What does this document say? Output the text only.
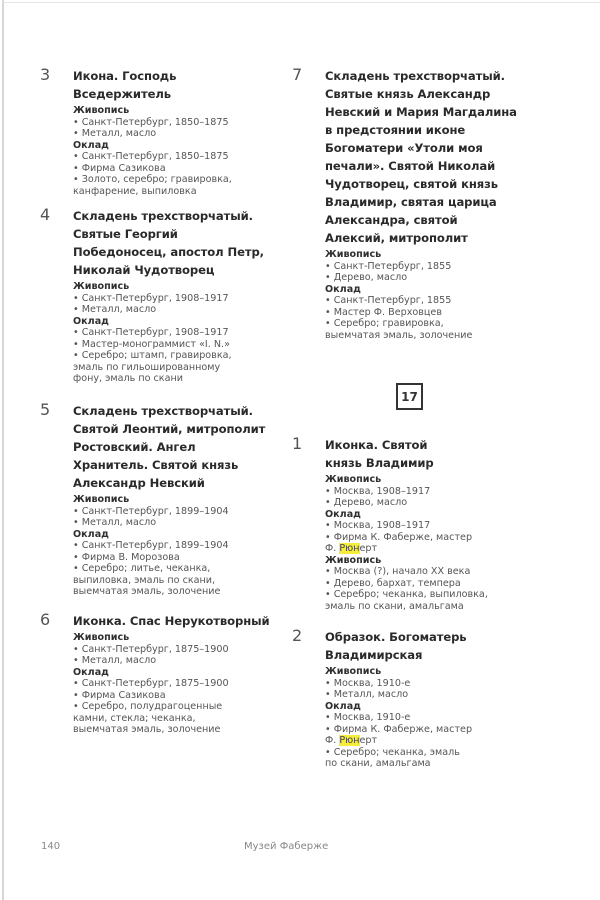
3 Икона. Господь Вседержитель
Живопись
• Санкт-Петербург, 1850–1875
• Металл, масло
Оклад
• Санкт-Петербург, 1850–1875
• Фирма Сазикова
• Золото, серебро; гравировка,
канфарение, выпиловка
4 Складень трехстворчатый.
Святые Георгий
Победоносец, апостол Петр,
Николай Чудотворец
Живопись
• Санкт-Петербург, 1908–1917
• Металл, масло
Оклад
• Санкт-Петербург, 1908–1917
• Мастер-монограммист «I. N.»
• Серебро; штамп, гравировка,
эмаль по гильошированному
фону, эмаль по скани
5 Складень трехстворчатый.
Святой Леонтий, митрополит
Ростовский. Ангел
Хранитель. Святой князь
Александр Невский
Живопись
• Санкт-Петербург, 1899–1904
• Металл, масло
Оклад
• Санкт-Петербург, 1899–1904
• Фирма В. Морозова
• Серебро; литье, чеканка,
выпиловка, эмаль по скани,
выемчатая эмаль, золочение
6 Иконка. Спас Нерукотворный
Живопись
• Санкт-Петербург, 1875–1900
• Металл, масло
Оклад
• Санкт-Петербург, 1875–1900
• Фирма Сазикова
• Серебро, полудрагоценные
камни, стекла; чеканка,
выемчатая эмаль, золочение
7 Складень трехстворчатый.
Святые князь Александр
Невский и Мария Магдалина
в предстоянии иконе
Богоматери «Утоли моя
печали». Святой Николай
Чудотворец, святой князь
Владимир, святая царица
Александра, святой
Алексий, митрополит
Живопись
• Санкт-Петербург, 1855
• Дерево, масло
Оклад
• Санкт-Петербург, 1855
• Мастер Ф. Верховцев
• Серебро; гравировка,
выемчатая эмаль, золочение
17
1 Иконка. Святой
князь Владимир
Живопись
• Москва, 1908–1917
• Дерево, масло
Оклад
• Москва, 1908–1917
• Фирма К. Фаберже, мастер
Ф. Рюнерт
Живопись
• Москва (?), начало XX века
• Дерево, бархат, темпера
• Серебро; чеканка, выпиловка,
эмаль по скани, амальгама
2 Образок. Богоматерь
Владимирская
Живопись
• Москва, 1910-е
• Металл, масло
Оклад
• Москва, 1910-е
• Фирма К. Фаберже, мастер
Ф. Рюнерт
• Серебро; чеканка, эмаль
по скани, амальгама
140	Музей Фаберже
